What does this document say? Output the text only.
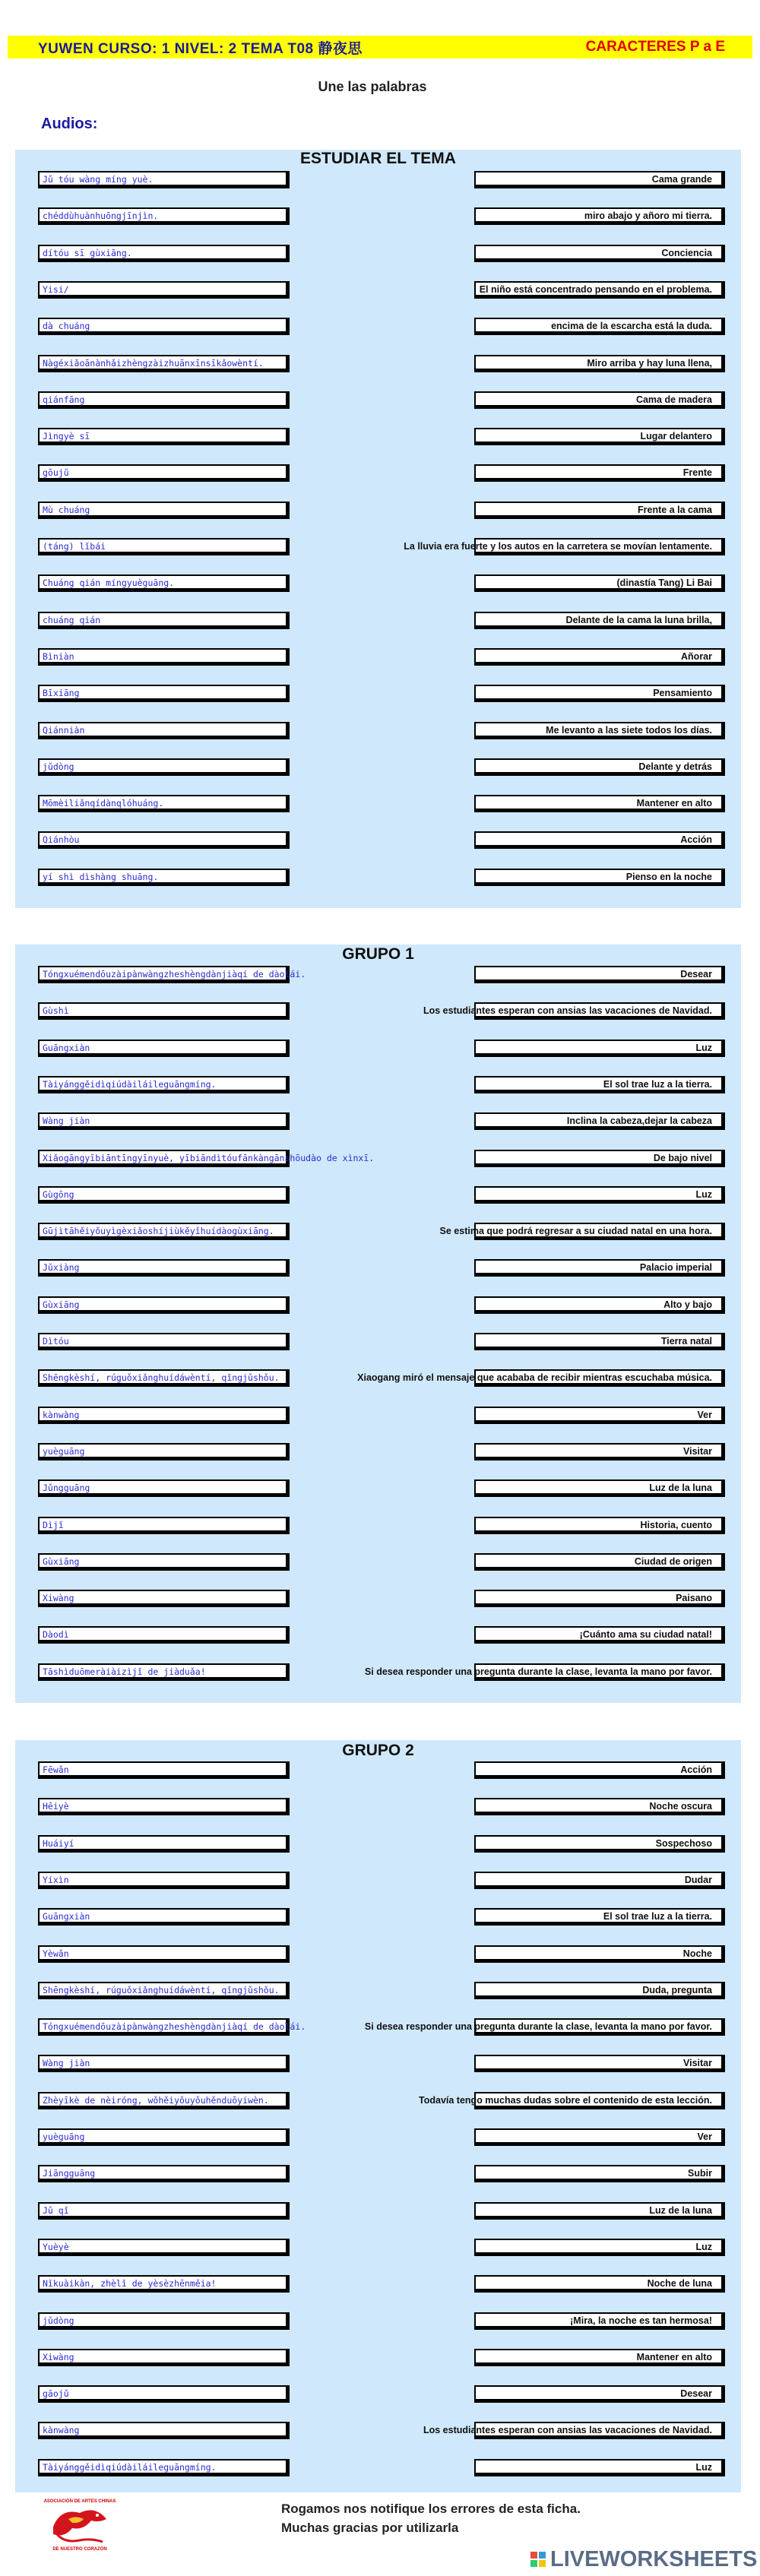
YUWEN CURSO: 1 NIVEL: 2 TEMA T08 静夜思	CARACTERES P a E
Une las palabras
Audios:
ESTUDIAR EL TEMA
Jǔ tóu wàng míng yuè.	Cama grande
chéddùhuànhuōngjīnjìn.	miro abajo y añoro mi tierra.
dítóu sī gùxiāng.	Conciencia
Yisi/	El niño está concentrado pensando en el problema.
dà chuáng	encima de la escarcha está la duda.
Nàgéxiǎoānànhǎizhèngzàizhuānxīnsīkǎowèntí.	Miro arriba y hay luna llena,
qiánfāng	Cama de madera
Jìngyè sī	Lugar delantero
gōujǔ	Frente
Mù chuáng	Frente a la cama
(táng) lǐbái	La lluvia era fuerte y los autos en la carretera se movían lentamente.
Chuáng qián míngyuèguāng.	(dinastía Tang) Li Bai
chuáng qián	Delante de la cama la luna brilla,
Bìniàn	Añorar
Bīxiāng	Pensamiento
Qiánniàn	Me levanto a las siete todos los días.
jǔdòng	Delante y detrás
Mōmèiliǎnqídànqlóhuáng.	Mantener en alto
Qiánhòu	Acción
yí shì dìshàng shuāng.	Pienso en la noche
GRUPO 1
Tóngxuémendōuzàipànwàngzheshèngdànjiàqí de dàolái.	Desear
Gùshì	Los estudiantes esperan con ansias las vacaciones de Navidad.
Guāngxiàn	Luz
Tàiyánggěidìqiúdàiláileguāngmíng.	El sol trae luz a la tierra.
Wàng jiàn	Inclina la cabeza,dejar la cabeza
Xiǎogāngyībiāntīngyīnyuè, yībiāndìtóufānkàngānshōudào de xìnxī.	De bajo nivel
Gùgōng	Luz
Gūjìtāhěiyǒuyìgèxiǎoshíjiùkěyǐhuídàogùxiāng.	Se estima que podrá regresar a su ciudad natal en una hora.
Jǔxiàng	Palacio imperial
Gùxiāng	Alto y bajo
Dìtóu	Tierra natal
Shēngkèshí, rúguǒxiǎnghuídáwèntí, qǐngjǔshǒu.	Xiaogang miró el mensaje que acababa de recibir mientras escuchaba música.
kànwàng	Ver
yuèguāng	Visitar
Jǔngguāng	Luz de la luna
Dìjǐ	Historia, cuento
Gùxiāng	Ciudad de origen
Xiwàng	Paisano
Dàodì	¡Cuánto ama su ciudad natal!
Tāshìduōmeràiàizìjǐ de jiàduǎa!	Si desea responder una pregunta durante la clase, levanta la mano por favor.
GRUPO 2
Fēwǎn	Acción
Hēiyè	Noche oscura
Huáiyí	Sospechoso
Yíxìn	Dudar
Guāngxiàn	El sol trae luz a la tierra.
Yèwǎn	Noche
Shēngkèshí, rúguǒxiǎnghuídáwèntí, qǐngjǔshǒu.	Duda, pregunta
Tóngxuémendōuzàipànwàngzheshèngdànjiàqí de dàolái.	Si desea responder una pregunta durante la clase, levanta la mano por favor.
Wàng jiàn	Visitar
Zhèyīkè de nèiróng, wǒhěiyǒuyǒuhěnduōyíwèn.	Todavía tengo muchas dudas sobre el contenido de esta lección.
yuèguāng	Ver
Jiāngguāng	Subir
Jǔ qǐ	Luz de la luna
Yuèyè	Luz
Nǐkuàikàn, zhèlǐ de yèsèzhēnměia!	Noche de luna
jǔdòng	¡Mira, la noche es tan hermosa!
Xiwàng	Mantener en alto
gāojǔ	Desear
kànwàng	Los estudiantes esperan con ansias las vacaciones de Navidad.
Tàiyánggěidìqiúdàiláileguāngmíng.	Luz
ASOCIACIÓN DE ARTES CHINAS
DE NUESTRO CORAZÓN
Rogamos nos notifique los errores de esta ficha.
Muchas gracias por utilizarla
LIVEWORKSHEETS
